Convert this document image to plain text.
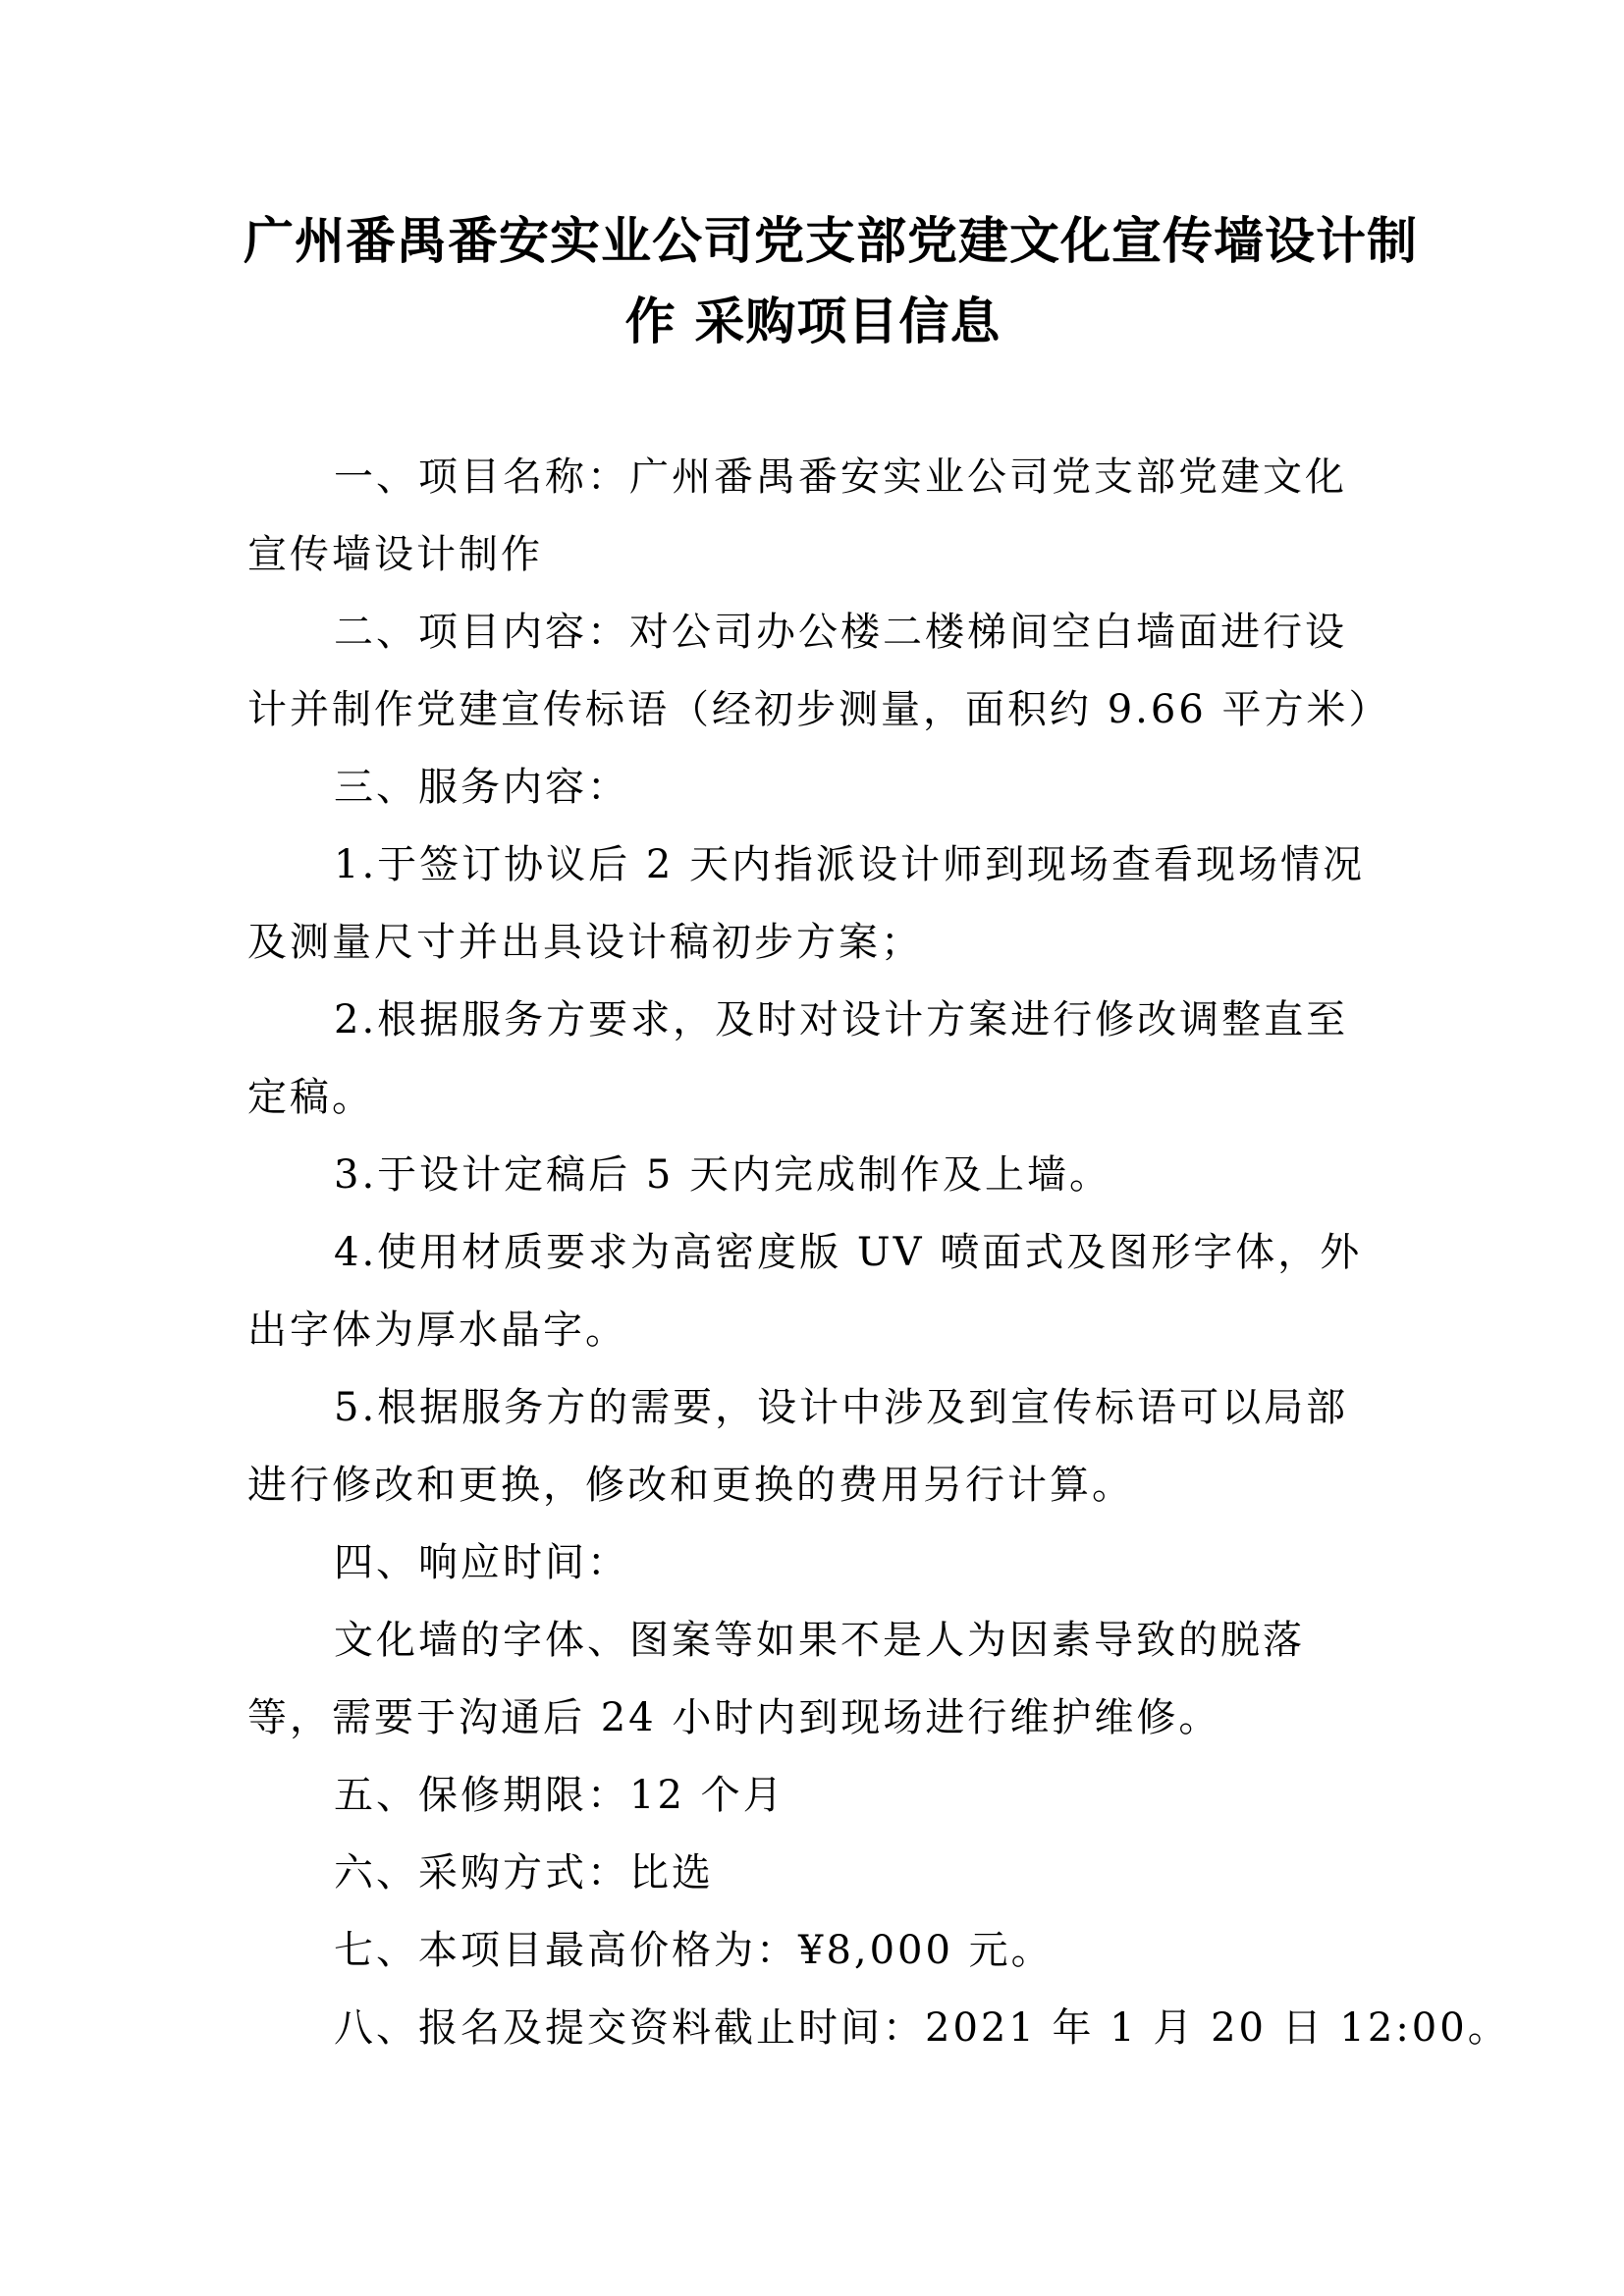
广州番禺番安实业公司党支部党建文化宣传墙设计制
作 采购项目信息

一、项目名称：广州番禺番安实业公司党支部党建文化
宣传墙设计制作

二、项目内容：对公司办公楼二楼梯间空白墙面进行设
计并制作党建宣传标语（经初步测量，面积约 9.66 平方米）

三、服务内容：

1.于签订协议后 2 天内指派设计师到现场查看现场情况
及测量尺寸并出具设计稿初步方案；

2.根据服务方要求，及时对设计方案进行修改调整直至
定稿。

3.于设计定稿后 5 天内完成制作及上墙。

4.使用材质要求为高密度版 UV 喷面式及图形字体，外
出字体为厚水晶字。

5.根据服务方的需要，设计中涉及到宣传标语可以局部
进行修改和更换，修改和更换的费用另行计算。

四、响应时间：

文化墙的字体、图案等如果不是人为因素导致的脱落
等，需要于沟通后 24 小时内到现场进行维护维修。

五、保修期限：12 个月

六、采购方式：比选

七、本项目最高价格为：¥8,000 元。

八、报名及提交资料截止时间：2021 年 1 月 20 日 12:00。
